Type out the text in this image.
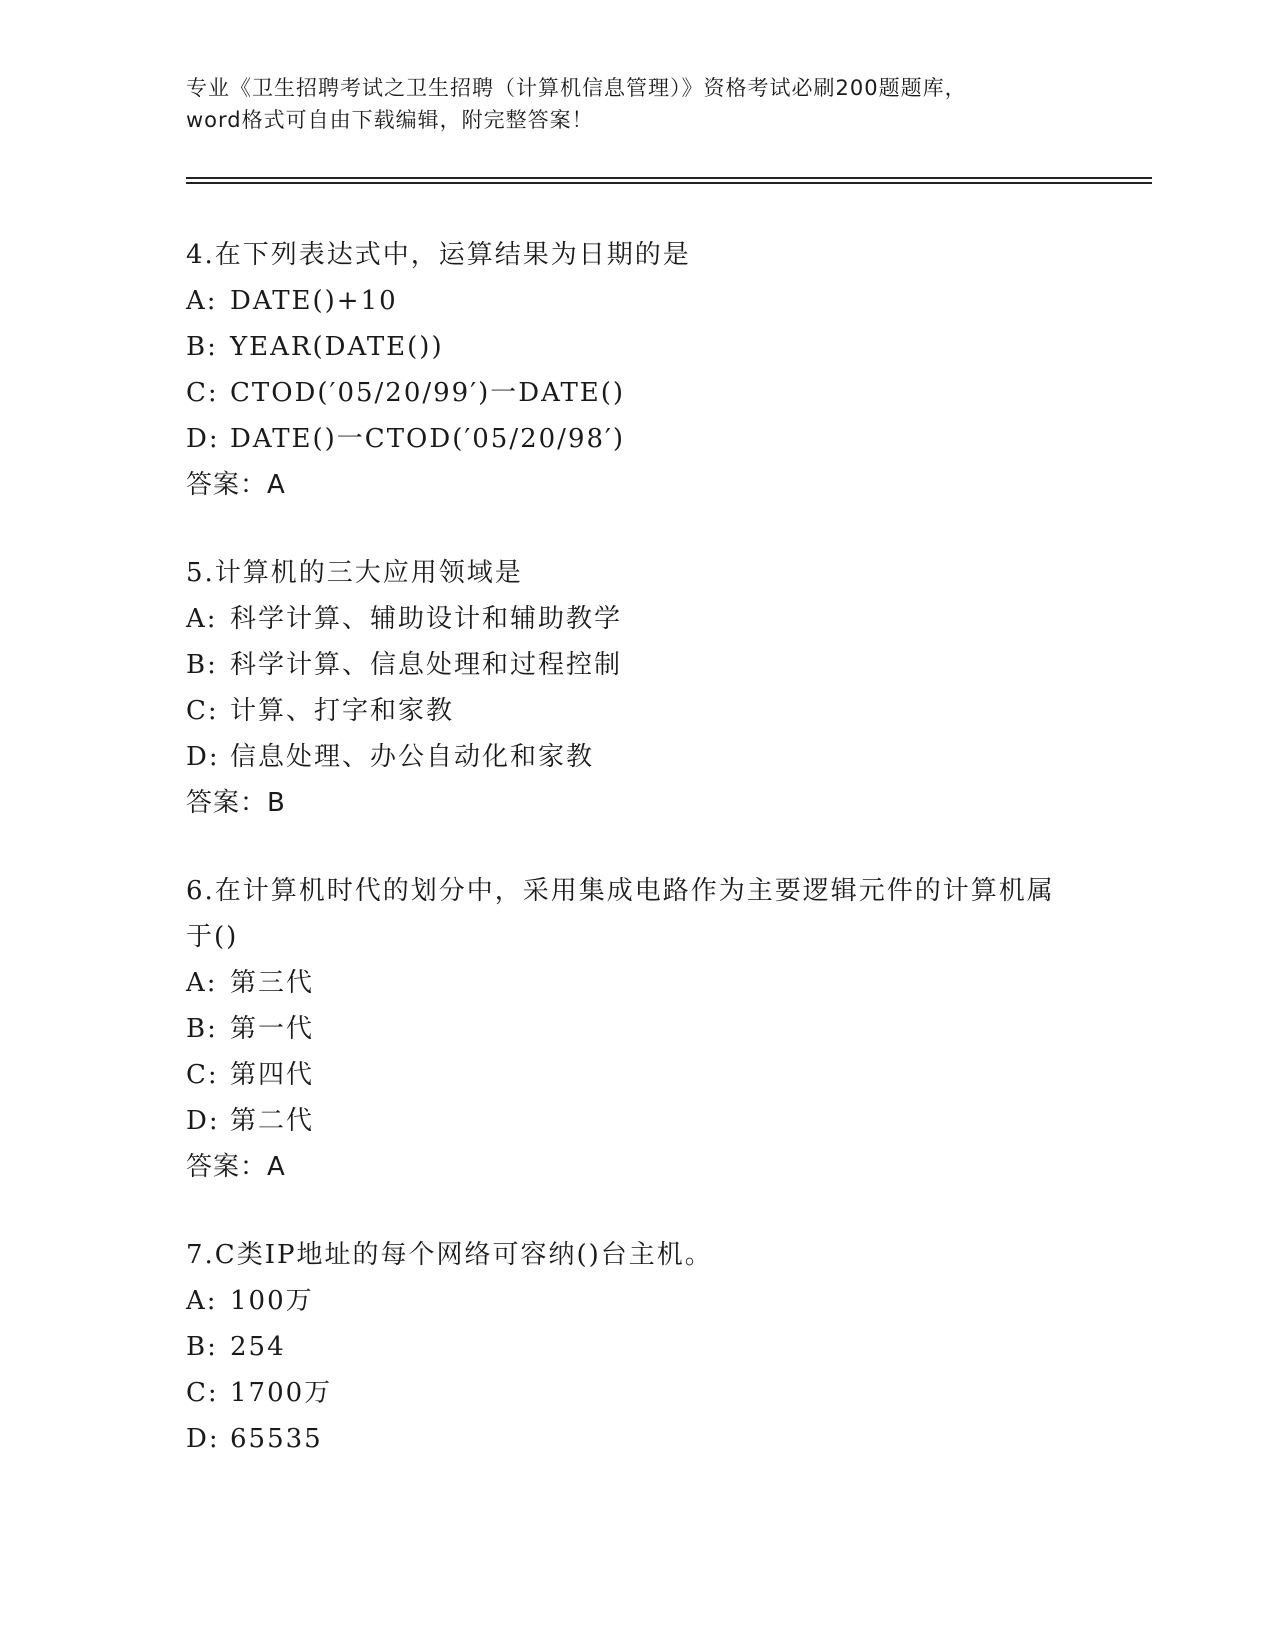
专业《卫生招聘考试之卫生招聘（计算机信息管理）》资格考试必刷200题题库，
word格式可自由下载编辑，附完整答案！
4.在下列表达式中，运算结果为日期的是
A: DATE()+10
B: YEAR(DATE())
C: CTOD(′05/20/99′)一DATE()
D: DATE()一CTOD(′05/20/98′)
答案：A
5.计算机的三大应用领域是
A: 科学计算、辅助设计和辅助教学
B: 科学计算、信息处理和过程控制
C: 计算、打字和家教
D: 信息处理、办公自动化和家教
答案：B
6.在计算机时代的划分中，采用集成电路作为主要逻辑元件的计算机属于()
A: 第三代
B: 第一代
C: 第四代
D: 第二代
答案：A
7.C类IP地址的每个网络可容纳()台主机。
A: 100万
B: 254
C: 1700万
D: 65535
